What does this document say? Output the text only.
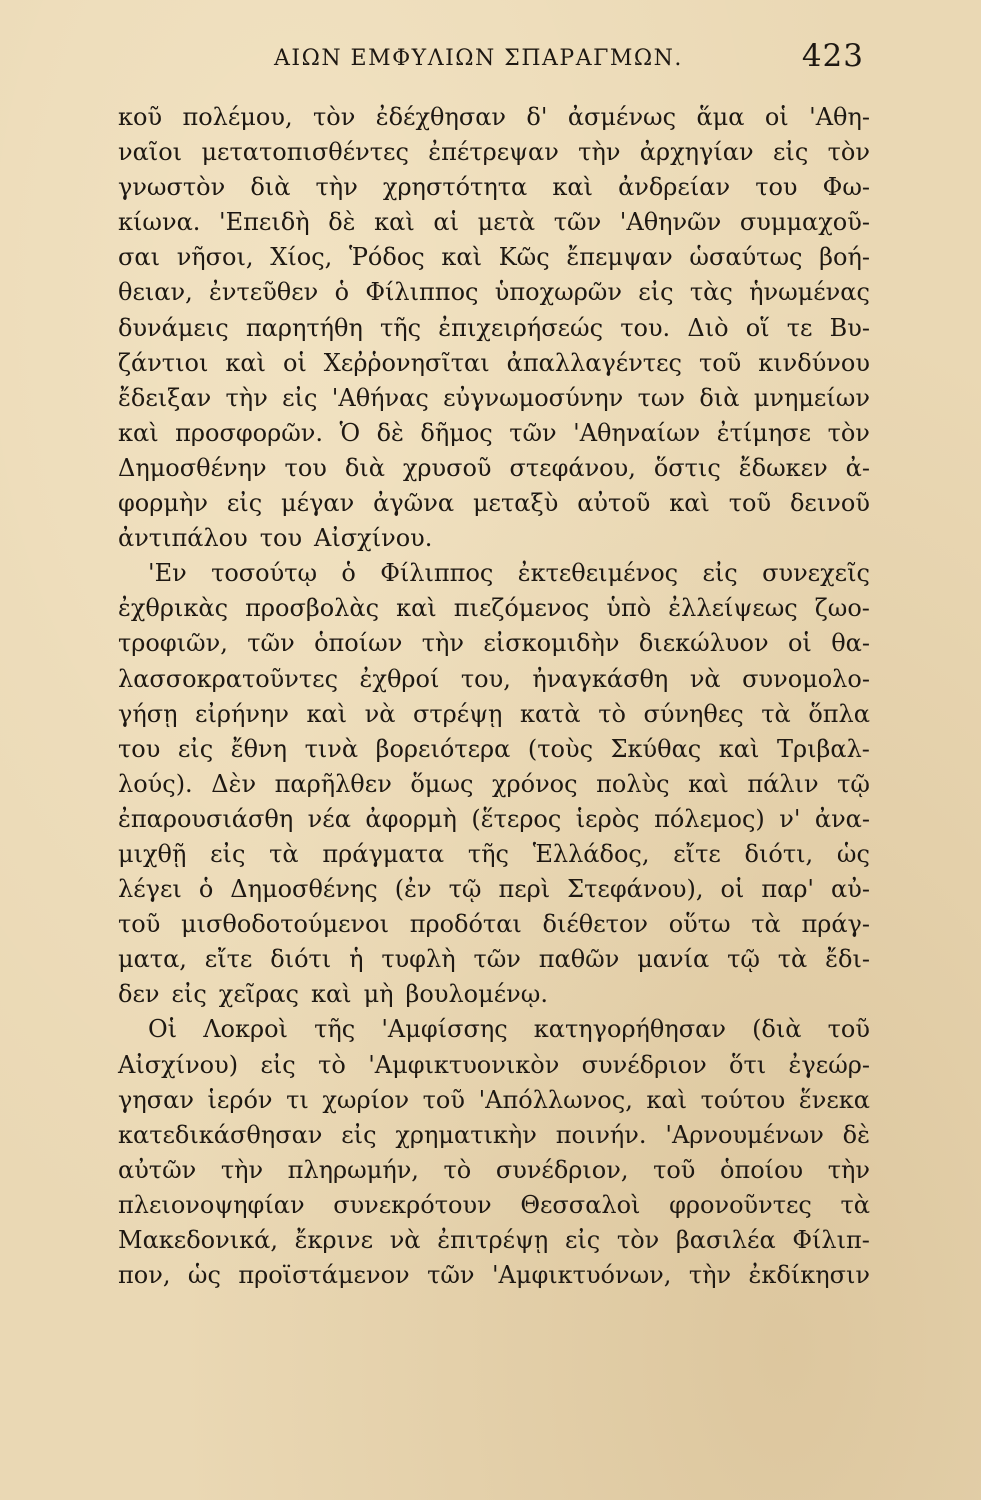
ΑΙΩΝ ΕΜΦΥΛΙΩΝ ΣΠΑΡΑΓΜΩΝ.	423
κοῦ πολέμου, τὸν ἐδέχθησαν δ' ἀσμένως ἅμα οἱ 'Αθη-
ναῖοι μετατοπισθέντες ἐπέτρεψαν τὴν ἀρχηγίαν εἰς τὸν
γνωστὸν διὰ τὴν χρηστότητα καὶ ἀνδρείαν του Φω-
κίωνα. 'Επειδὴ δὲ καὶ αἱ μετὰ τῶν 'Αθηνῶν συμμαχοῦ-
σαι νῆσοι, Χίος, Ῥόδος καὶ Κῶς ἔπεμψαν ὡσαύτως βοή-
θειαν, ἐντεῦθεν ὁ Φίλιππος ὑποχωρῶν εἰς τὰς ἡνωμένας
δυνάμεις παρητήθη τῆς ἐπιχειρήσεώς του. Διὸ οἵ τε Βυ-
ζάντιοι καὶ οἱ Χεῤῥονησῖται ἀπαλλαγέντες τοῦ κινδύνου
ἔδειξαν τὴν εἰς 'Αθήνας εὐγνωμοσύνην των διὰ μνημείων
καὶ προσφορῶν. Ὁ δὲ δῆμος τῶν 'Αθηναίων ἐτίμησε τὸν
Δημοσθένην του διὰ χρυσοῦ στεφάνου, ὅστις ἔδωκεν ἀ-
φορμὴν εἰς μέγαν ἀγῶνα μεταξὺ αὐτοῦ καὶ τοῦ δεινοῦ
ἀντιπάλου του Αἰσχίνου.
'Εν τοσούτῳ ὁ Φίλιππος ἐκτεθειμένος εἰς συνεχεῖς
ἐχθρικὰς προσβολὰς καὶ πιεζόμενος ὑπὸ ἐλλείψεως ζωο-
τροφιῶν, τῶν ὁποίων τὴν εἰσκομιδὴν διεκώλυον οἱ θα-
λασσοκρατοῦντες ἐχθροί του, ἠναγκάσθη νὰ συνομολο-
γήσῃ εἰρήνην καὶ νὰ στρέψῃ κατὰ τὸ σύνηθες τὰ ὅπλα
του εἰς ἔθνη τινὰ βορειότερα (τοὺς Σκύθας καὶ Τριβαλ-
λούς). Δὲν παρῆλθεν ὅμως χρόνος πολὺς καὶ πάλιν τῷ
ἐπαρουσιάσθη νέα ἀφορμὴ (ἕτερος ἱερὸς πόλεμος) ν' ἀνα-
μιχθῇ εἰς τὰ πράγματα τῆς Ἑλλάδος, εἴτε διότι, ὡς
λέγει ὁ Δημοσθένης (ἐν τῷ περὶ Στεφάνου), οἱ παρ' αὐ-
τοῦ μισθοδοτούμενοι προδόται διέθετον οὕτω τὰ πράγ-
ματα, εἴτε διότι ἡ τυφλὴ τῶν παθῶν μανία τῷ τὰ ἔδι-
δεν εἰς χεῖρας καὶ μὴ βουλομένῳ.
Οἱ Λοκροὶ τῆς 'Αμφίσσης κατηγορήθησαν (διὰ τοῦ
Αἰσχίνου) εἰς τὸ 'Αμφικτυονικὸν συνέδριον ὅτι ἐγεώρ-
γησαν ἱερόν τι χωρίον τοῦ 'Απόλλωνος, καὶ τούτου ἕνεκα
κατεδικάσθησαν εἰς χρηματικὴν ποινήν. 'Αρνουμένων δὲ
αὐτῶν τὴν πληρωμήν, τὸ συνέδριον, τοῦ ὁποίου τὴν
πλειονοψηφίαν συνεκρότουν Θεσσαλοὶ φρονοῦντες τὰ
Μακεδονικά, ἔκρινε νὰ ἐπιτρέψῃ εἰς τὸν βασιλέα Φίλιπ-
πον, ὡς προϊστάμενον τῶν 'Αμφικτυόνων, τὴν ἐκδίκησιν
